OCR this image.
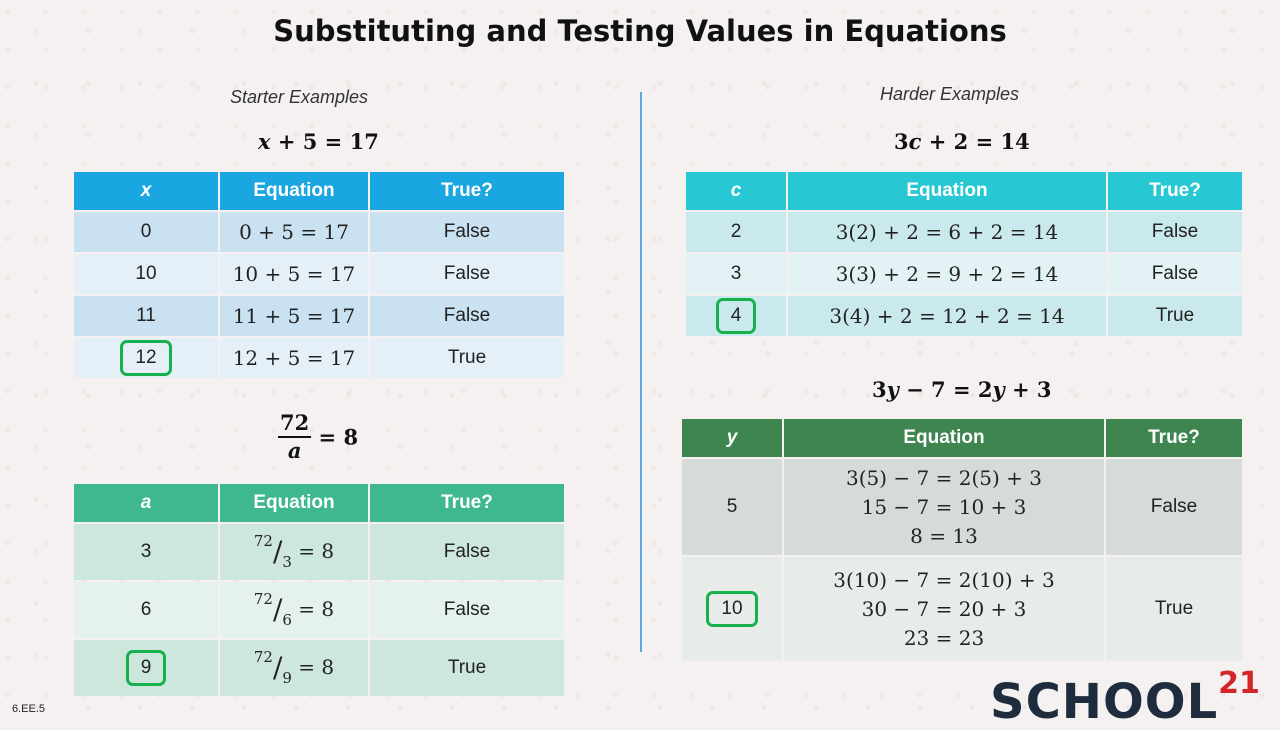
Substituting and Testing Values in Equations
Starter Examples	Harder Examples
x + 5 = 17
x	Equation	True?
0	0 + 5 = 17	False
10	10 + 5 = 17	False
11	11 + 5 = 17	False
12	12 + 5 = 17	True
$\frac{72}{a} = 8$
a	Equation	True?
3	$^{72}/_3 = 8$	False
6	$^{72}/_6 = 8$	False
9	$^{72}/_9 = 8$	True
3c + 2 = 14
c	Equation	True?
2	3(2) + 2 = 6 + 2 = 14	False
3	3(3) + 2 = 9 + 2 = 14	False
4	3(4) + 2 = 12 + 2 = 14	True
3y − 7 = 2y + 3
y	Equation	True?
5	3(5) − 7 = 2(5) + 3
15 − 7 = 10 + 3
8 = 13	False
10	3(10) − 7 = 2(10) + 3
30 − 7 = 20 + 3
23 = 23	True
6.EE.5	SCHOOL$^{21}$
